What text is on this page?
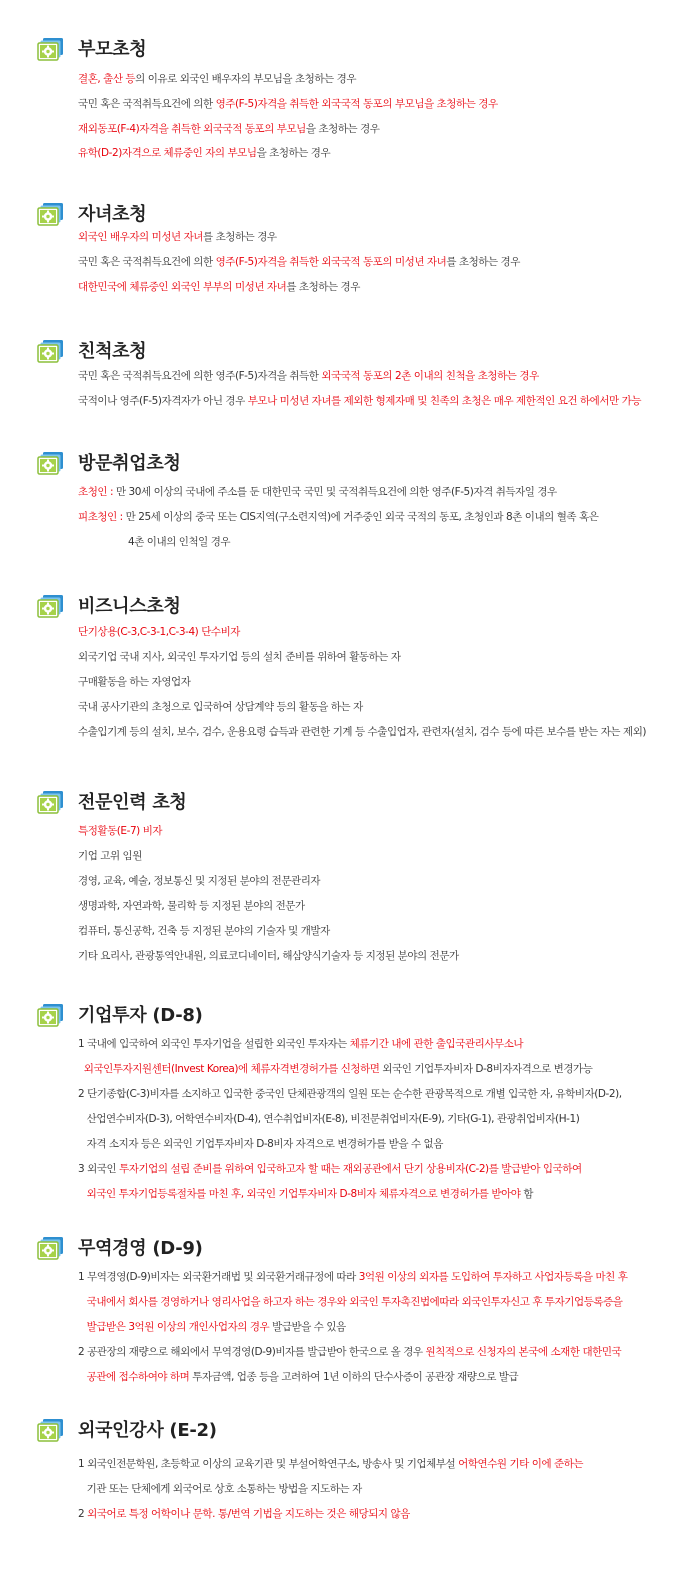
부모초청
결혼, 출산 등의 이유로 외국인 배우자의 부모님을 초청하는 경우
국민 혹은 국적취득요건에 의한 영주(F-5)자격을 취득한 외국국적 동포의 부모님을 초청하는 경우
재외동포(F-4)자격을 취득한 외국국적 동포의 부모님을 초청하는 경우
유학(D-2)자격으로 체류중인 자의 부모님을 초청하는 경우
자녀초청
외국인 배우자의 미성년 자녀를 초청하는 경우
국민 혹은 국적취득요건에 의한 영주(F-5)자격을 취득한 외국국적 동포의 미성년 자녀를 초청하는 경우
대한민국에 체류중인 외국인 부부의 미성년 자녀를 초청하는 경우
친척초청
국민 혹은 국적취득요건에 의한 영주(F-5)자격을 취득한 외국국적 동포의 2촌 이내의 친척을 초청하는 경우
국적이나 영주(F-5)자격자가 아닌 경우 부모나 미성년 자녀를 제외한 형제자매 및 친족의 초청은 매우 제한적인 요건 하에서만 가능
방문취업초청
초청인 : 만 30세 이상의 국내에 주소를 둔 대한민국 국민 및 국적취득요건에 의한 영주(F-5)자격 취득자일 경우
피초청인 : 만 25세 이상의 중국 또는 CIS지역(구소련지역)에 거주중인 외국 국적의 동포, 초청인과 8촌 이내의 혈족 혹은
4촌 이내의 인척일 경우
비즈니스초청
단기상용(C-3,C-3-1,C-3-4) 단수비자
외국기업 국내 지사, 외국인 투자기업 등의 설치 준비를 위하여 활동하는 자
구매활동을 하는 자영업자
국내 공사기관의 초청으로 입국하여 상담계약 등의 활동을 하는 자
수출입기계 등의 설치, 보수, 검수, 운용요령 습득과 관련한 기계 등 수출입업자, 관련자(설치, 검수 등에 따른 보수를 받는 자는 제외)
전문인력 초청
특정활동(E-7) 비자
기업 고위 임원
경영, 교육, 예술, 정보통신 및 지정된 분야의 전문관리자
생명과학, 자연과학, 물리학 등 지정된 분야의 전문가
컴퓨터, 통신공학, 건축 등 지정된 분야의 기술자 및 개발자
기타 요리사, 관광통역안내원, 의료코디네이터, 해삼양식기술자 등 지정된 분야의 전문가
기업투자 (D-8)
1 국내에 입국하여 외국인 투자기업을 설립한 외국인 투자자는 체류기간 내에 관한 출입국관리사무소나
외국인투자지원센터(Invest Korea)에 체류자격변경허가를 신청하면 외국인 기업투자비자 D-8비자자격으로 변경가능
2 단기종합(C-3)비자를 소지하고 입국한 중국인 단체관광객의 일원 또는 순수한 관광목적으로 개별 입국한 자, 유학비자(D-2),
산업연수비자(D-3), 어학연수비자(D-4), 연수취업비자(E-8), 비전문취업비자(E-9), 기타(G-1), 관광취업비자(H-1)
자격 소지자 등은 외국인 기업투자비자 D-8비자 자격으로 변경허가를 받을 수 없음
3 외국인 투자기업의 설립 준비를 위하여 입국하고자 할 때는 재외공관에서 단기 상용비자(C-2)를 발급받아 입국하여
외국인 투자기업등록절차를 마친 후, 외국인 기업투자비자 D-8비자 체류자격으로 변경허가를 받아야 함
무역경영 (D-9)
1 무역경영(D-9)비자는 외국환거래법 및 외국환거래규정에 따라 3억원 이상의 외자를 도입하여 투자하고 사업자등록을 마친 후
국내에서 회사를 경영하거나 영리사업을 하고자 하는 경우와 외국인 투자촉진법에따라 외국인투자신고 후 투자기업등록증을
발급받은 3억원 이상의 개인사업자의 경우 발급받을 수 있음
2 공관장의 재량으로 해외에서 무역경영(D-9)비자를 발급받아 한국으로 올 경우 원칙적으로 신청자의 본국에 소재한 대한민국
공관에 접수하여야 하며 투자금액, 업종 등을 고려하여 1년 이하의 단수사증이 공관장 재량으로 발급
외국인강사 (E-2)
1 외국인전문학원, 초등학교 이상의 교육기관 및 부설어학연구소, 방송사 및 기업체부설 어학연수원 기타 이에 준하는
기관 또는 단체에게 외국어로 상호 소통하는 방법을 지도하는 자
2 외국어로 특정 어학이나 문학. 통/번역 기법을 지도하는 것은 해당되지 않음
